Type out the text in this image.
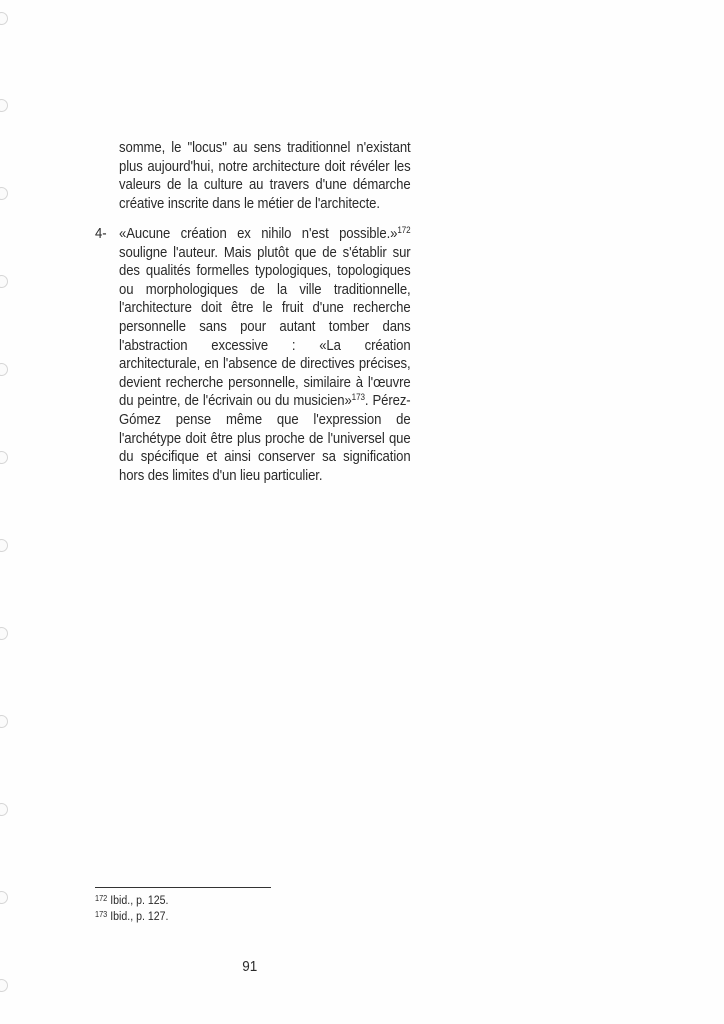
somme, le "locus" au sens traditionnel n'existant plus aujourd'hui, notre architecture doit révéler les valeurs de la culture au travers d'une démarche créative inscrite dans le métier de l'architecte.
4- «Aucune création ex nihilo n'est possible.»$^{172}$ souligne l'auteur. Mais plutôt que de s'établir sur des qualités formelles typologiques, topologiques ou morphologiques de la ville traditionnelle, l'architecture doit être le fruit d'une recherche personnelle sans pour autant tomber dans l'abstraction excessive : «La création architecturale, en l'absence de directives précises, devient recherche personnelle, similaire à l'œuvre du peintre, de l'écrivain ou du musicien»$^{173}$. Pérez-Gómez pense même que l'expression de l'archétype doit être plus proche de l'universel que du spécifique et ainsi conserver sa signification hors des limites d'un lieu particulier.
$^{172}$ Ibid., p. 125.
$^{173}$ Ibid., p. 127.
91
